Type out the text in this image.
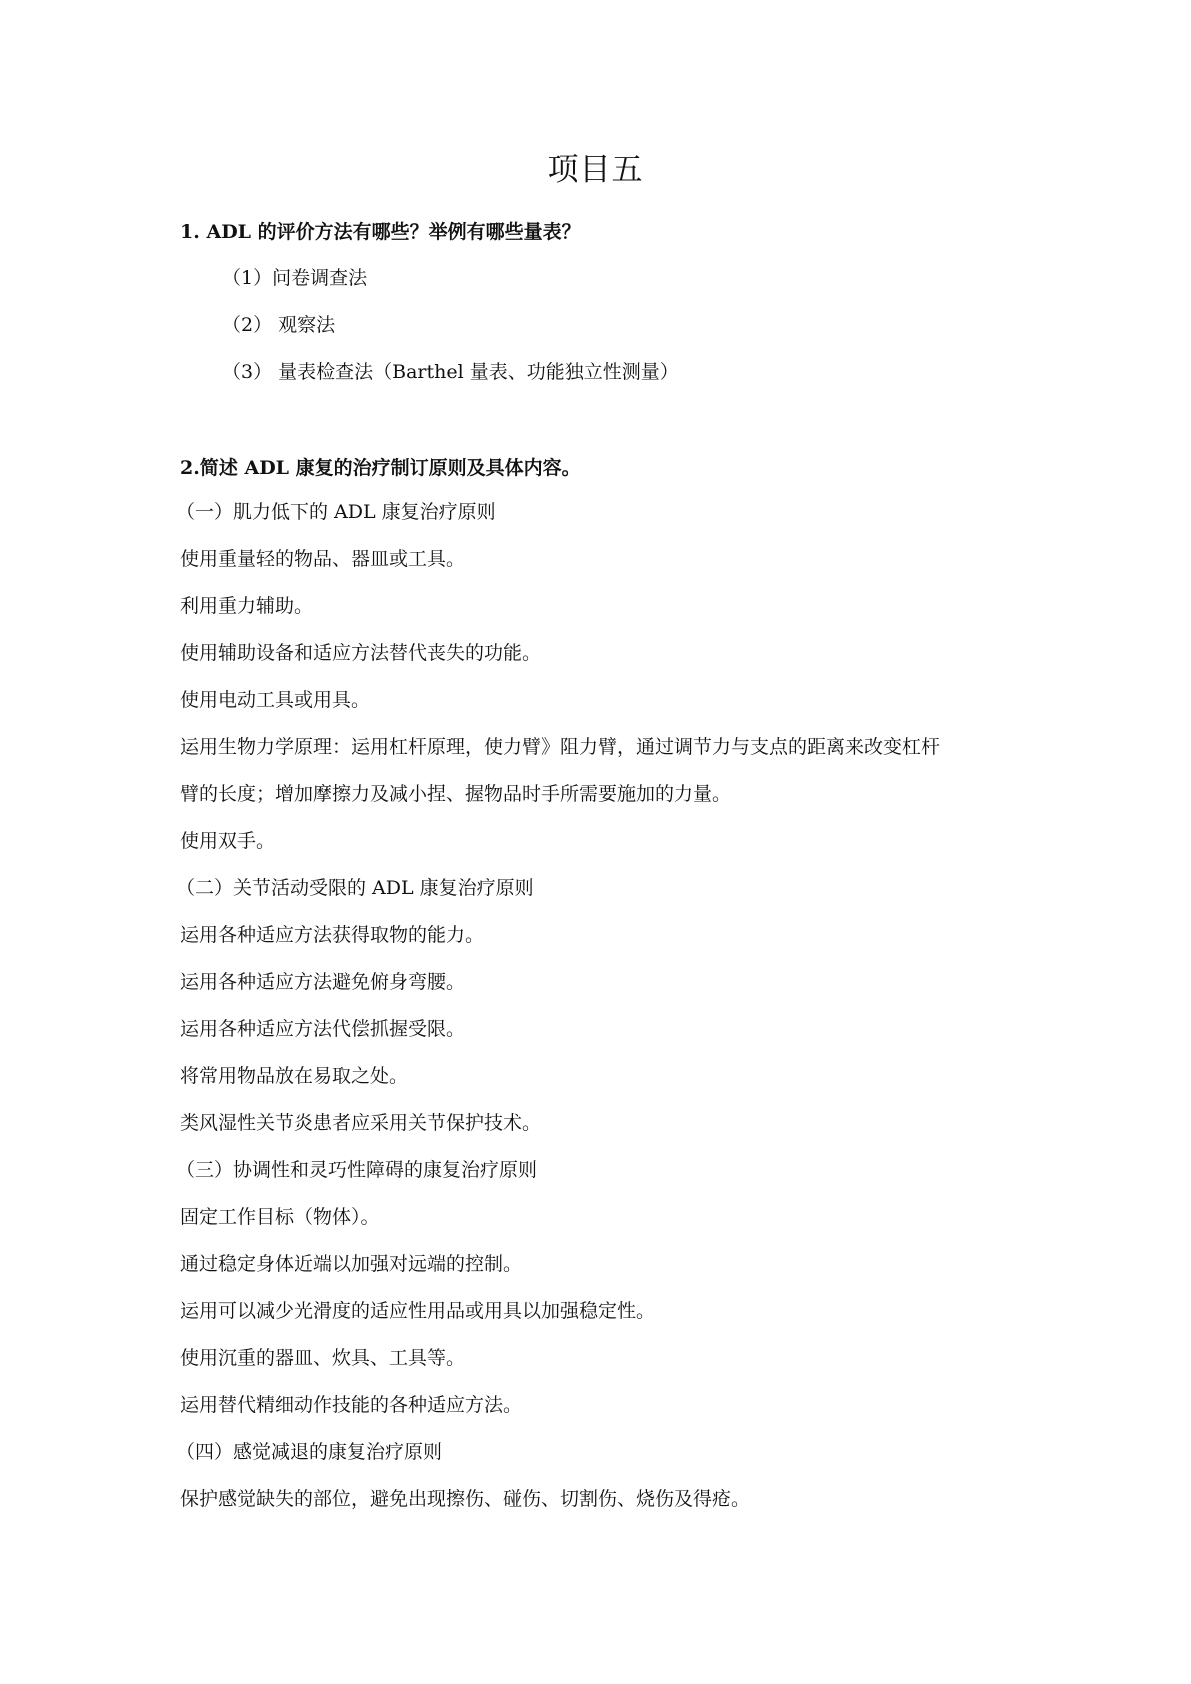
项目五
1. ADL 的评价方法有哪些？举例有哪些量表？
（1）问卷调查法
（2） 观察法
（3） 量表检查法（Barthel 量表、功能独立性测量）
2.简述 ADL 康复的治疗制订原则及具体内容。
（一）肌力低下的 ADL 康复治疗原则
使用重量轻的物品、器皿或工具。
利用重力辅助。
使用辅助设备和适应方法替代丧失的功能。
使用电动工具或用具。
运用生物力学原理：运用杠杆原理，使力臂》阻力臂，通过调节力与支点的距离来改变杠杆
臂的长度；增加摩擦力及减小捏、握物品时手所需要施加的力量。
使用双手。
（二）关节活动受限的 ADL 康复治疗原则
运用各种适应方法获得取物的能力。
运用各种适应方法避免俯身弯腰。
运用各种适应方法代偿抓握受限。
将常用物品放在易取之处。
类风湿性关节炎患者应采用关节保护技术。
（三）协调性和灵巧性障碍的康复治疗原则
固定工作目标（物体）。
通过稳定身体近端以加强对远端的控制。
运用可以减少光滑度的适应性用品或用具以加强稳定性。
使用沉重的器皿、炊具、工具等。
运用替代精细动作技能的各种适应方法。
（四）感觉减退的康复治疗原则
保护感觉缺失的部位，避免出现擦伤、碰伤、切割伤、烧伤及得疮。
